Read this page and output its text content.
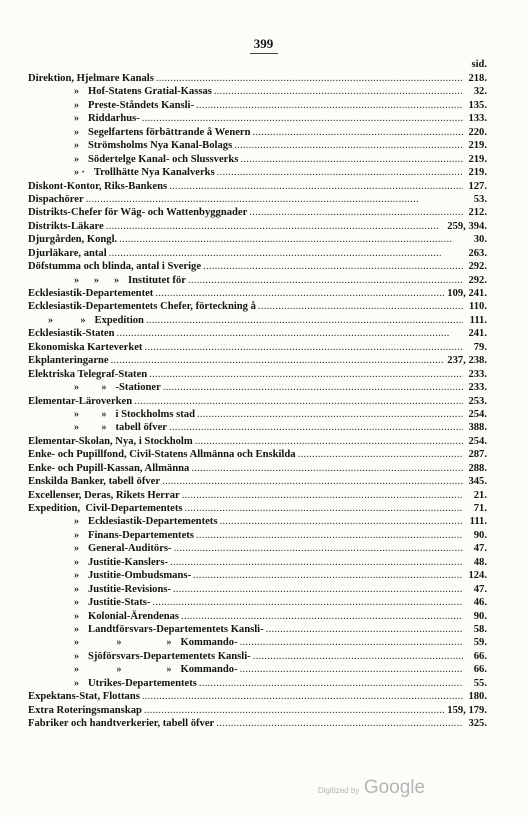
399
sid.
Direktion, Hjelmare Kanals . . .	218.
» Hof-Statens Gratial-Kassas . . .	32.
» Preste-Ståndets Kansli- . . .	135.
» Riddarhus- . . .	133.
» Segelfartens förbättrande å Wenern . . .	220.
» Strömsholms Nya Kanal-Bolags . . .	219.
» Södertelge Kanal- och Slussverks . . .	219.
» · Trollhätte Nya Kanalverks . . .	219.
Diskont-Kontor, Riks-Bankens . . .	127.
Dispachörer . . .	53.
Distrikts-Chefer för Wäg- och Wattenbyggnader . . .	212.
Distrikts-Läkare . . .	259, 394.
Djurgården, Kongl. . . .	30.
Djurläkare, antal . . .	263.
Döfstumma och blinda, antal i Sverige . . .	292.
»      »      » Institutet för . . .	292.
Ecklesiastik-Departementet . . .	109, 241.
Ecklesiastik-Departementets Chefer, förteckning å . . .	110.
»           » Expedition . . .	111.
Ecklesiastik-Staten . . .	241.
Ekonomiska Karteverket . . .	79.
Ekplanteringarne . . .	237, 238.
Elektriska Telegraf-Staten . . .	233.
»         » -Stationer . . .	233.
Elementar-Läroverken . . .	253.
»         » i Stockholms stad . . .	254.
»         » tabell öfver . . .	388.
Elementar-Skolan, Nya, i Stockholm . . .	254.
Enke- och Pupillfond, Civil-Statens Allmänna och Enskilda . . .	287.
Enke- och Pupill-Kassan, Allmänna . . .	288.
Enskilda Banker, tabell öfver . . .	345.
Excellenser, Deras, Rikets Herrar . . .	21.
Expedition,  Civil-Departementets . . .	71.
» Ecklesiastik-Departementets . . .	111.
» Finans-Departementets . . .	90.
» General-Auditörs- . . .	47.
» Justitie-Kanslers- . . .	48.
» Justitie-Ombudsmans- . . .	124.
» Justitie-Revisions- . . .	47.
» Justitie-Stats- . . .	46.
» Kolonial-Ärendenas . . .	90.
» Landtförsvars-Departementets Kansli- . . .	58.
»               »                  » Kommando- . . .	59.
» Sjöförsvars-Departementets Kansli- . . .	66.
»               »                  » Kommando- . . .	66.
» Utrikes-Departementets . . .	55.
Expektans-Stat, Flottans . . .	180.
Extra Roteringsmanskap . . .	159, 179.
Fabriker och handtverkerier, tabell öfver . . .	325.
Digitized by Google
